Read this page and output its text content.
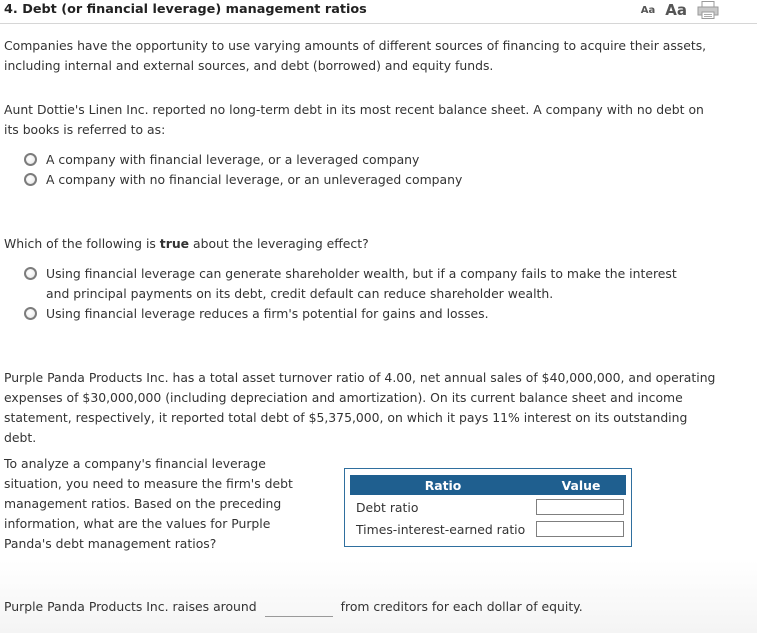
4. Debt (or financial leverage) management ratios	Aa Aa

Companies have the opportunity to use varying amounts of different sources of financing to acquire their assets, including internal and external sources, and debt (borrowed) and equity funds.

Aunt Dottie's Linen Inc. reported no long-term debt in its most recent balance sheet. A company with no debt on its books is referred to as:

A company with financial leverage, or a leveraged company
A company with no financial leverage, or an unleveraged company

Which of the following is true about the leveraging effect?

Using financial leverage can generate shareholder wealth, but if a company fails to make the interest and principal payments on its debt, credit default can reduce shareholder wealth.
Using financial leverage reduces a firm's potential for gains and losses.

Purple Panda Products Inc. has a total asset turnover ratio of 4.00, net annual sales of $40,000,000, and operating expenses of $30,000,000 (including depreciation and amortization). On its current balance sheet and income statement, respectively, it reported total debt of $5,375,000, on which it pays 11% interest on its outstanding debt.

To analyze a company's financial leverage situation, you need to measure the firm's debt management ratios. Based on the preceding information, what are the values for Purple Panda's debt management ratios?

Ratio	Value
Debt ratio
Times-interest-earned ratio
Purple Panda Products Inc. raises around	from creditors for each dollar of equity.
